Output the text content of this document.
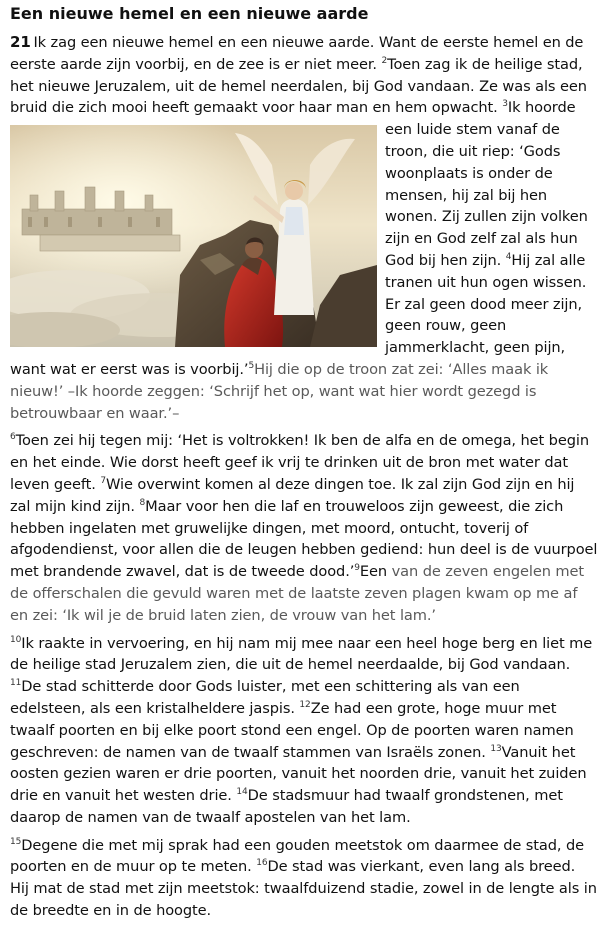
Een nieuwe hemel en een nieuwe aarde

21 Ik zag een nieuwe hemel en een nieuwe aarde. Want de eerste hemel en de eerste aarde zijn voorbij, en de zee is er niet meer. $^2$Toen zag ik de heilige stad, het nieuwe Jeruzalem, uit de hemel neerdalen, bij God vandaan. Ze was als een bruid die zich mooi heeft gemaakt voor haar man en hem opwacht.
$^3$Ik hoorde een luide stem vanaf de troon, die uit riep: ‘Gods woonplaats is onder de mensen, hij zal bij hen wonen. Zij zullen zijn volken zijn en God zelf zal als hun God bij hen zijn. $^4$Hij zal alle tranen uit hun ogen wissen. Er zal geen dood meer zijn, geen rouw, geen jammerklacht, geen pijn, want wat er eerst was is voorbij.’$^5$Hij die op de troon zat zei: ‘Alles maak ik nieuw!’ –Ik hoorde zeggen: ‘Schrijf het op, want wat hier wordt gezegd is betrouwbaar en waar.’–

$^6$Toen zei hij tegen mij: ‘Het is voltrokken! Ik ben de alfa en de omega, het begin en het einde. Wie dorst heeft geef ik vrij te drinken uit de bron met water dat leven geeft. $^7$Wie overwint komen al deze dingen toe. Ik zal zijn God zijn en hij zal mijn kind zijn. $^8$Maar voor hen die laf en trouweloos zijn geweest, die zich hebben ingelaten met gruwelijke dingen, met moord, ontucht, toverij of afgodendienst, voor allen die de leugen hebben gediend: hun deel is de vuurpoel met brandende zwavel, dat is de tweede dood.’$^9$Een van de zeven engelen met de offerschalen die gevuld waren met de laatste zeven plagen kwam op me af en zei: ‘Ik wil je de bruid laten zien, de vrouw van het lam.’

$^{10}$Ik raakte in vervoering, en hij nam mij mee naar een heel hoge berg en liet me de heilige stad Jeruzalem zien, die uit de hemel neerdaalde, bij God vandaan. $^{11}$De stad schitterde door Gods luister, met een schittering als van een edelsteen, als een kristalheldere jaspis. $^{12}$Ze had een grote, hoge muur met twaalf poorten en bij elke poort stond een engel. Op de poorten waren namen geschreven: de namen van de twaalf stammen van Israëls zonen. $^{13}$Vanuit het oosten gezien waren er drie poorten, vanuit het noorden drie, vanuit het zuiden drie en vanuit het westen drie. $^{14}$De stadsmuur had twaalf grondstenen, met daarop de namen van de twaalf apostelen van het lam.

$^{15}$Degene die met mij sprak had een gouden meetstok om daarmee de stad, de poorten en de muur op te meten. $^{16}$De stad was vierkant, even lang als breed. Hij mat de stad met zijn meetstok: twaalfduizend stadie, zowel in de lengte als in de breedte en in de hoogte.
